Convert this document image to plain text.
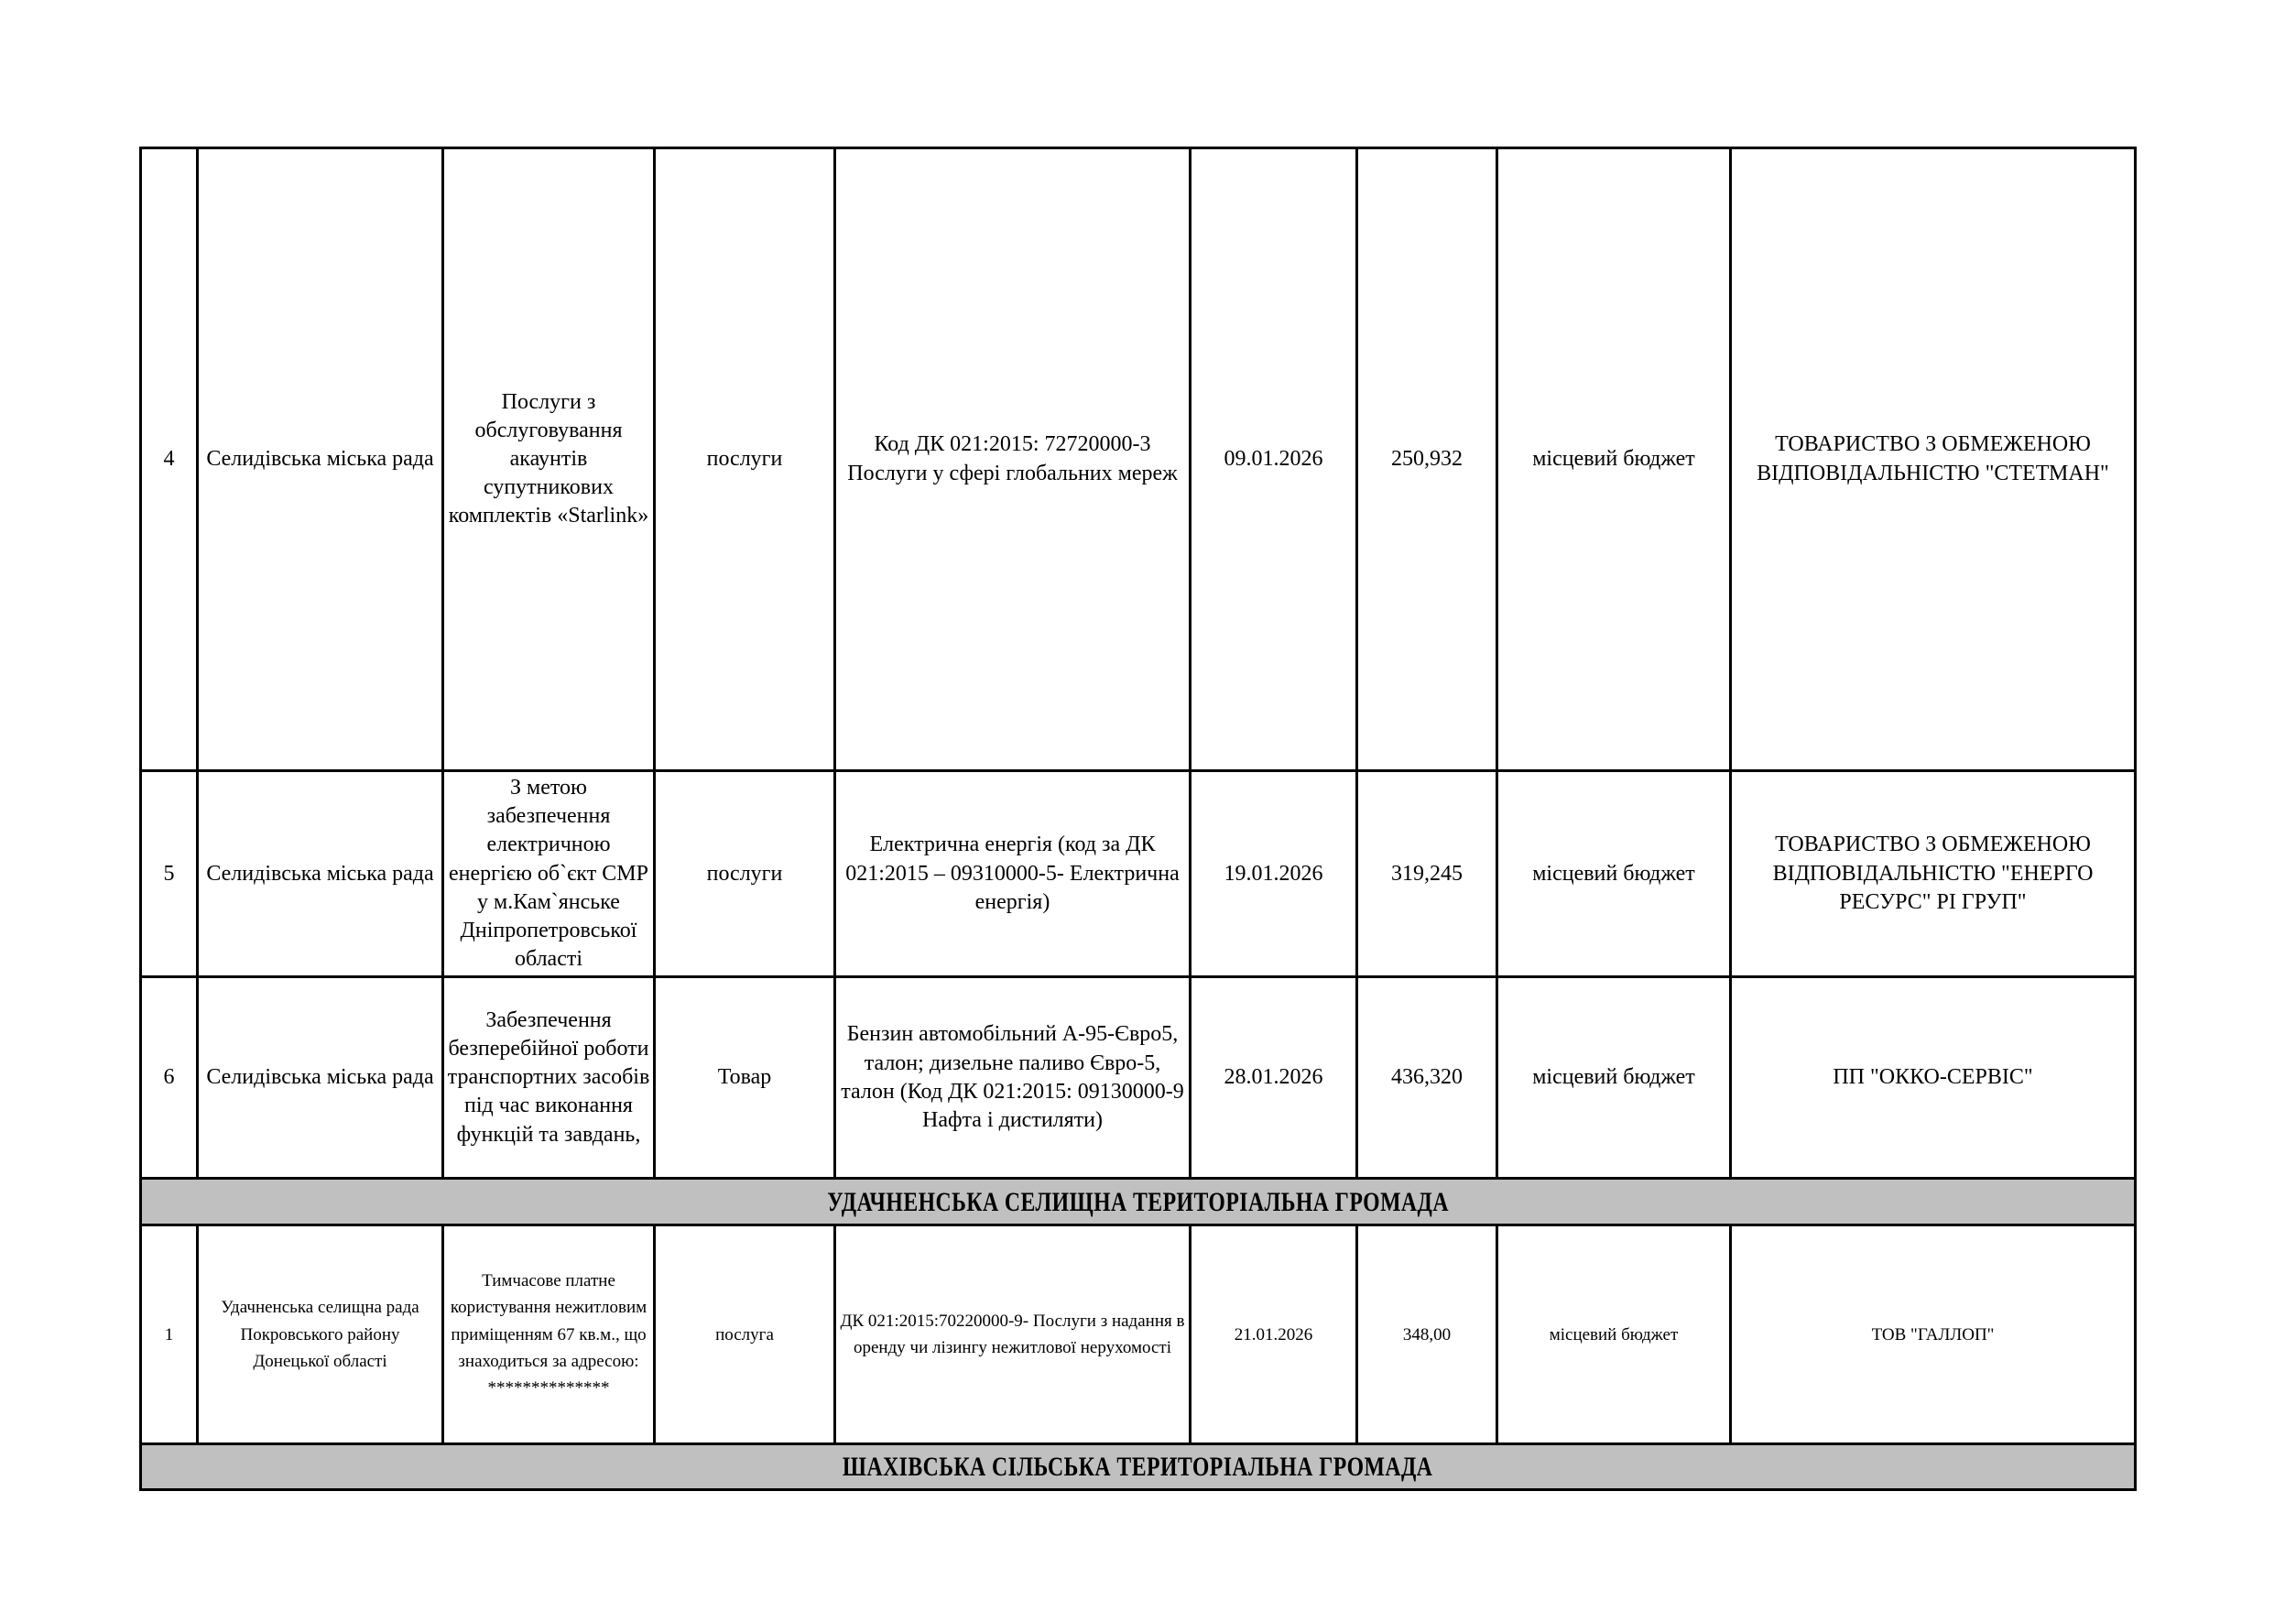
4	Селидівська міська рада	Послуги з обслуговування акаунтів супутникових комплектів «Starlink»	послуги	Код ДК 021:2015: 72720000-3 Послуги у сфері глобальних мереж	09.01.2026	250,932	місцевий бюджет	ТОВАРИСТВО З ОБМЕЖЕНОЮ ВІДПОВІДАЛЬНІСТЮ "СТЕТМАН"
5	Селидівська міська рада	З метою забезпечення електричною енергією об`єкт СМР у м.Кам`янське Дніпропетровської області	послуги	Електрична енергія (код за ДК 021:2015 – 09310000-5- Електрична енергія)	19.01.2026	319,245	місцевий бюджет	ТОВАРИСТВО З ОБМЕЖЕНОЮ ВІДПОВІДАЛЬНІСТЮ "ЕНЕРГО РЕСУРС" РІ ГРУП"
6	Селидівська міська рада	Забезпечення безперебійної роботи транспортних засобів під час виконання функцій та завдань,	Товар	Бензин автомобільний А-95-Євро5, талон; дизельне паливо Євро-5, талон (Код ДК 021:2015: 09130000-9 Нафта і дистиляти)	28.01.2026	436,320	місцевий бюджет	ПП "ОККО-СЕРВІС"
УДАЧНЕНСЬКА СЕЛИЩНА ТЕРИТОРІАЛЬНА ГРОМАДА								
1	Удачненська селищна рада Покровського району Донецької області	Тимчасове платне користування нежитловим приміщенням 67 кв.м., що знаходиться за адресою: **************	послуга	ДК 021:2015:70220000-9- Послуги з надання в оренду чи лізингу нежитлової нерухомості	21.01.2026	348,00	місцевий бюджет	ТОВ "ГАЛЛОП"
ШАХІВСЬКА СІЛЬСЬКА ТЕРИТОРІАЛЬНА ГРОМАДА								
